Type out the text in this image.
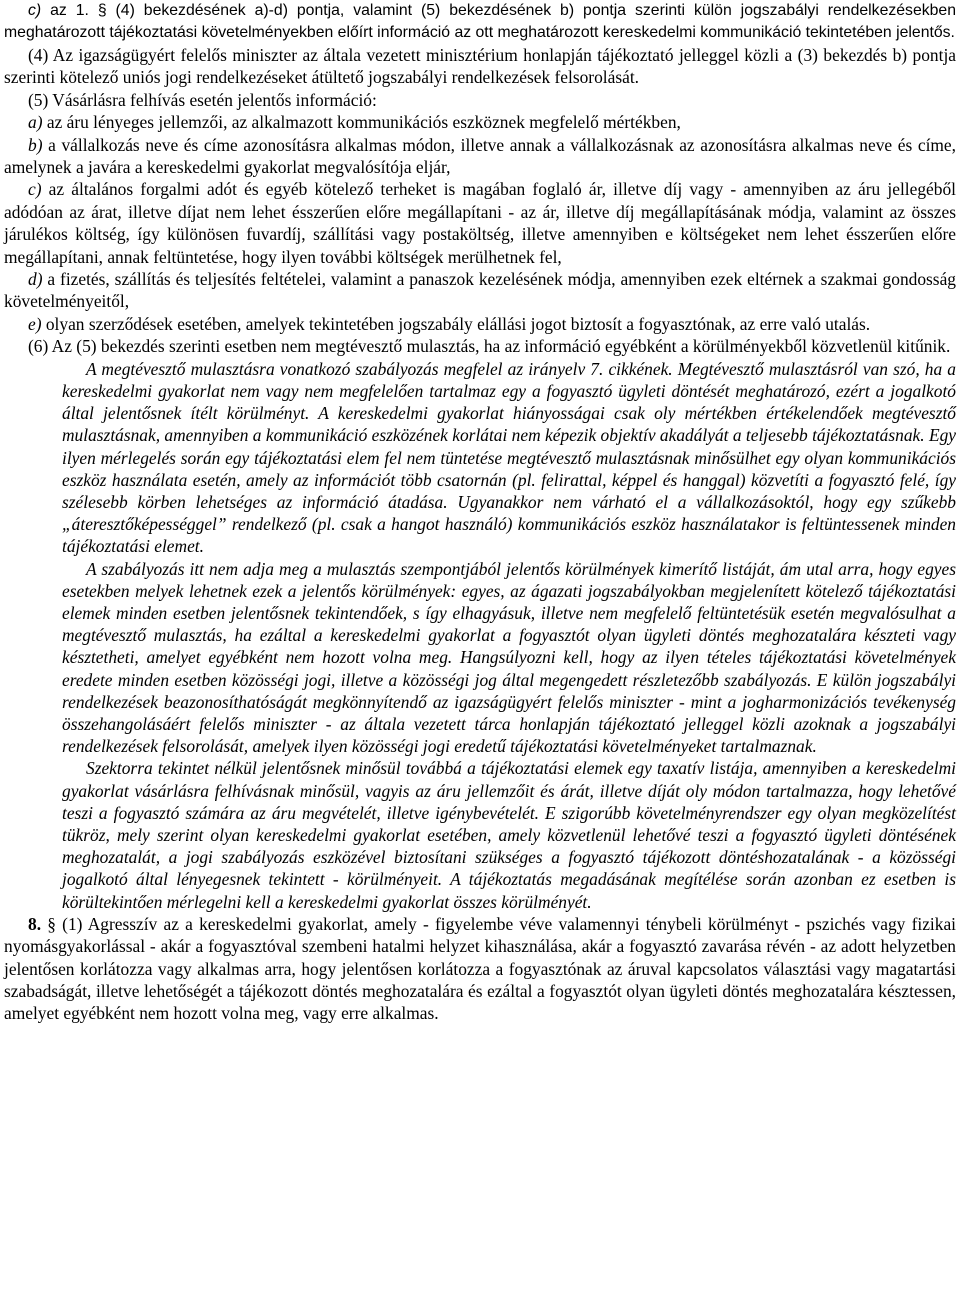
c) az 1. § (4) bekezdésének a)-d) pontja, valamint (5) bekezdésének b) pontja szerinti külön jogszabályi rendelkezésekben meghatározott tájékoztatási követelményekben előírt információ az ott meghatározott kereskedelmi kommunikáció tekintetében jelentős.

(4) Az igazságügyért felelős miniszter az általa vezetett minisztérium honlapján tájékoztató jelleggel közli a (3) bekezdés b) pontja szerinti kötelező uniós jogi rendelkezéseket átültető jogszabályi rendelkezések felsorolását.

(5) Vásárlásra felhívás esetén jelentős információ:

a) az áru lényeges jellemzői, az alkalmazott kommunikációs eszköznek megfelelő mértékben,

b) a vállalkozás neve és címe azonosításra alkalmas módon, illetve annak a vállalkozásnak az azonosításra alkalmas neve és címe, amelynek a javára a kereskedelmi gyakorlat megvalósítója eljár,

c) az általános forgalmi adót és egyéb kötelező terheket is magában foglaló ár, illetve díj vagy - amennyiben az áru jellegéből adódóan az árat, illetve díjat nem lehet ésszerűen előre megállapítani - az ár, illetve díj megállapításának módja, valamint az összes járulékos költség, így különösen fuvardíj, szállítási vagy postaköltség, illetve amennyiben e költségeket nem lehet ésszerűen előre megállapítani, annak feltüntetése, hogy ilyen további költségek merülhetnek fel,

d) a fizetés, szállítás és teljesítés feltételei, valamint a panaszok kezelésének módja, amennyiben ezek eltérnek a szakmai gondosság követelményeitől,

e) olyan szerződések esetében, amelyek tekintetében jogszabály elállási jogot biztosít a fogyasztónak, az erre való utalás.

(6) Az (5) bekezdés szerinti esetben nem megtévesztő mulasztás, ha az információ egyébként a körülményekből közvetlenül kitűnik.

A megtévesztő mulasztásra vonatkozó szabályozás megfelel az irányelv 7. cikkének. Megtévesztő mulasztásról van szó, ha a kereskedelmi gyakorlat nem vagy nem megfelelően tartalmaz egy a fogyasztó ügyleti döntését meghatározó, ezért a jogalkotó által jelentősnek ítélt körülményt. A kereskedelmi gyakorlat hiányosságai csak oly mértékben értékelendőek megtévesztő mulasztásnak, amennyiben a kommunikáció eszközének korlátai nem képezik objektív akadályát a teljesebb tájékoztatásnak. Egy ilyen mérlegelés során egy tájékoztatási elem fel nem tüntetése megtévesztő mulasztásnak minősülhet egy olyan kommunikációs eszköz használata esetén, amely az információt több csatornán (pl. felirattal, képpel és hanggal) közvetíti a fogyasztó felé, így szélesebb körben lehetséges az információ átadása. Ugyanakkor nem várható el a vállalkozásoktól, hogy egy szűkebb „áteresztőképességgel” rendelkező (pl. csak a hangot használó) kommunikációs eszköz használatakor is feltüntessenek minden tájékoztatási elemet.

A szabályozás itt nem adja meg a mulasztás szempontjából jelentős körülmények kimerítő listáját, ám utal arra, hogy egyes esetekben melyek lehetnek ezek a jelentős körülmények: egyes, az ágazati jogszabályokban megjelenített kötelező tájékoztatási elemek minden esetben jelentősnek tekintendőek, s így elhagyásuk, illetve nem megfelelő feltüntetésük esetén megvalósulhat a megtévesztő mulasztás, ha ezáltal a kereskedelmi gyakorlat a fogyasztót olyan ügyleti döntés meghozatalára készteti vagy késztetheti, amelyet egyébként nem hozott volna meg. Hangsúlyozni kell, hogy az ilyen tételes tájékoztatási követelmények eredete minden esetben közösségi jogi, illetve a közösségi jog által megengedett részletezőbb szabályozás. E külön jogszabályi rendelkezések beazonosíthatóságát megkönnyítendő az igazságügyért felelős miniszter - mint a jogharmonizációs tevékenység összehangolásáért felelős miniszter - az általa vezetett tárca honlapján tájékoztató jelleggel közli azoknak a jogszabályi rendelkezések felsorolását, amelyek ilyen közösségi jogi eredetű tájékoztatási követelményeket tartalmaznak.

Szektorra tekintet nélkül jelentősnek minősül továbbá a tájékoztatási elemek egy taxatív listája, amennyiben a kereskedelmi gyakorlat vásárlásra felhívásnak minősül, vagyis az áru jellemzőit és árát, illetve díját oly módon tartalmazza, hogy lehetővé teszi a fogyasztó számára az áru megvételét, illetve igénybevételét. E szigorúbb követelményrendszer egy olyan megközelítést tükröz, mely szerint olyan kereskedelmi gyakorlat esetében, amely közvetlenül lehetővé teszi a fogyasztó ügyleti döntésének meghozatalát, a jogi szabályozás eszközével biztosítani szükséges a fogyasztó tájékozott döntéshozatalának - a közösségi jogalkotó által lényegesnek tekintett - körülményeit. A tájékoztatás megadásának megítélése során azonban ez esetben is körültekintően mérlegelni kell a kereskedelmi gyakorlat összes körülményét.

8. § (1) Agresszív az a kereskedelmi gyakorlat, amely - figyelembe véve valamennyi ténybeli körülményt - pszichés vagy fizikai nyomásgyakorlással - akár a fogyasztóval szembeni hatalmi helyzet kihasználása, akár a fogyasztó zavarása révén - az adott helyzetben jelentősen korlátozza vagy alkalmas arra, hogy jelentősen korlátozza a fogyasztónak az áruval kapcsolatos választási vagy magatartási szabadságát, illetve lehetőségét a tájékozott döntés meghozatalára és ezáltal a fogyasztót olyan ügyleti döntés meghozatalára késztessen, amelyet egyébként nem hozott volna meg, vagy erre alkalmas.
